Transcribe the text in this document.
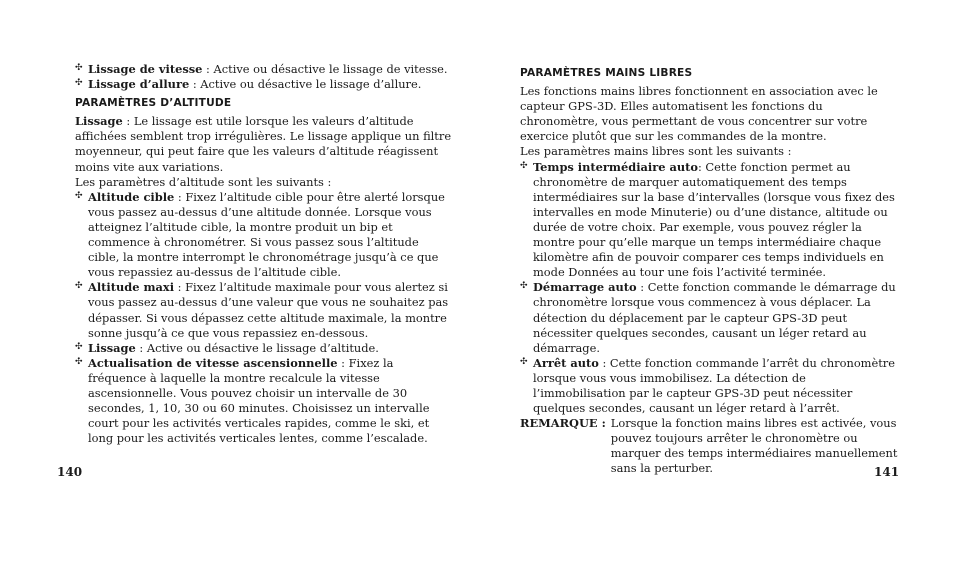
✣ Lissage de vitesse : Active ou désactive le lissage de vitesse.
✣ Lissage d’allure : Active ou désactive le lissage d’allure.
PARAMÈTRES D’ALTITUDE

Lissage : Le lissage est utile lorsque les valeurs d’altitude affichées semblent trop irrégulières. Le lissage applique un filtre moyenneur, qui peut faire que les valeurs d’altitude réagissent moins vite aux variations.

Les paramètres d’altitude sont les suivants :

✣ Altitude cible : Fixez l’altitude cible pour être alerté lorsque vous passez au-dessus d’une altitude donnée. Lorsque vous atteignez l’altitude cible, la montre produit un bip et commence à chronométrer. Si vous passez sous l’altitude cible, la montre interrompt le chronométrage jusqu’à ce que vous repassiez au-dessus de l’altitude cible.
✣ Altitude maxi : Fixez l’altitude maximale pour vous alertez si vous passez au-dessus d’une valeur que vous ne souhaitez pas dépasser. Si vous dépassez cette altitude maximale, la montre sonne jusqu’à ce que vous repassiez en-dessous.
✣ Lissage : Active ou désactive le lissage d’altitude.
✣ Actualisation de vitesse ascensionnelle : Fixez la fréquence à laquelle la montre recalcule la vitesse ascensionnelle. Vous pouvez choisir un intervalle de 30 secondes, 1, 10, 30 ou 60 minutes. Choisissez un intervalle court pour les activités verticales rapides, comme le ski, et long pour les activités verticales lentes, comme l’escalade.
PARAMÈTRES MAINS LIBRES

Les fonctions mains libres fonctionnent en association avec le capteur GPS-3D. Elles automatisent les fonctions du chronomètre, vous permettant de vous concentrer sur votre exercice plutôt que sur les commandes de la montre.

Les paramètres mains libres sont les suivants :

✣ Temps intermédiaire auto: Cette fonction permet au chronomètre de marquer automatiquement des temps intermédiaires sur la base d’intervalles (lorsque vous fixez des intervalles en mode Minuterie) ou d’une distance, altitude ou durée de votre choix. Par exemple, vous pouvez régler la montre pour qu’elle marque un temps intermédiaire chaque kilomètre afin de pouvoir comparer ces temps individuels en mode Données au tour une fois l’activité terminée.
✣ Démarrage auto : Cette fonction commande le démarrage du chronomètre lorsque vous commencez à vous déplacer. La détection du déplacement par le capteur GPS-3D peut nécessiter quelques secondes, causant un léger retard au démarrage.
✣ Arrêt auto : Cette fonction commande l’arrêt du chronomètre lorsque vous vous immobilisez. La détection de l’immobilisation par le capteur GPS-3D peut nécessiter quelques secondes, causant un léger retard à l’arrêt.
REMARQUE : Lorsque la fonction mains libres est activée, vous pouvez toujours arrêter le chronomètre ou marquer des temps intermédiaires manuellement sans la perturber.
140	141
